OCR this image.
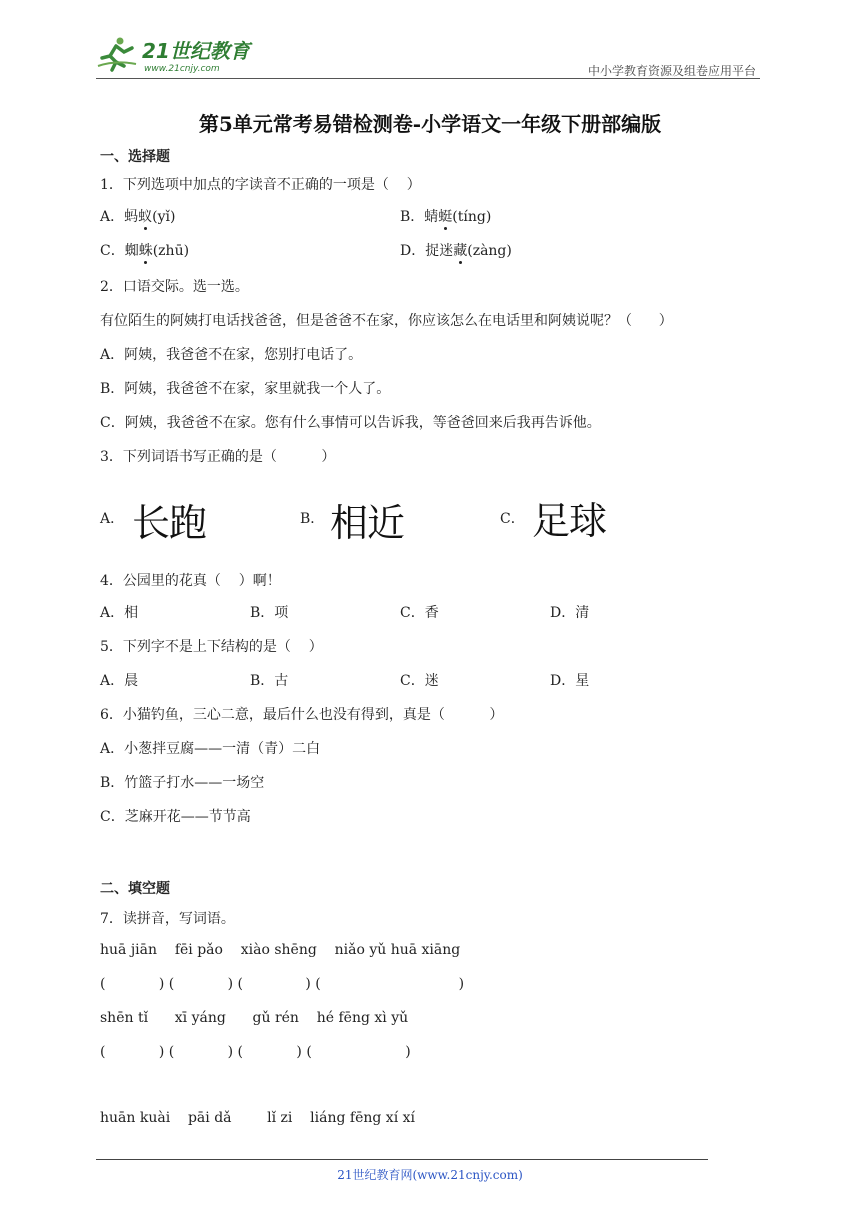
21世纪教育
www.21cnjy.com	中小学教育资源及组卷应用平台
第5单元常考易错检测卷-小学语文一年级下册部编版
一、选择题
1．下列选项中加点的字读音不正确的一项是（    ）
A．蚂蚁(yǐ)	B．蜻蜓(tíng)
C．蜘蛛(zhū)	D．捉迷藏(zàng)
2．口语交际。选一选。
有位陌生的阿姨打电话找爸爸，但是爸爸不在家，你应该怎么在电话里和阿姨说呢？（      ）
A．阿姨，我爸爸不在家，您别打电话了。
B．阿姨，我爸爸不在家，家里就我一个人了。
C．阿姨，我爸爸不在家。您有什么事情可以告诉我，等爸爸回来后我再告诉他。
3．下列词语书写正确的是（          ）
A． 长跑	B． 相近	C． 足球
4．公园里的花真（    ）啊！
A．相	B．项	C．香	D．清
5．下列字不是上下结构的是（    ）
A．晨	B．古	C．迷	D．星
6．小猫钓鱼，三心二意，最后什么也没有得到，真是（          ）
A．小葱拌豆腐——一清（青）二白
B．竹篮子打水——一场空
C．芝麻开花——节节高
二、填空题
7．读拼音，写词语。
huā jiān    fēi pǎo    xiào shēng    niǎo yǔ huā xiāng
(            ) (            ) (              ) (                               )
shēn tǐ      xī yáng      gǔ rén    hé fēng xì yǔ
(            ) (            ) (            ) (                     )
huān kuài    pāi dǎ        lǐ zi    liáng fēng xí xí
21世纪教育网(www.21cnjy.com)
